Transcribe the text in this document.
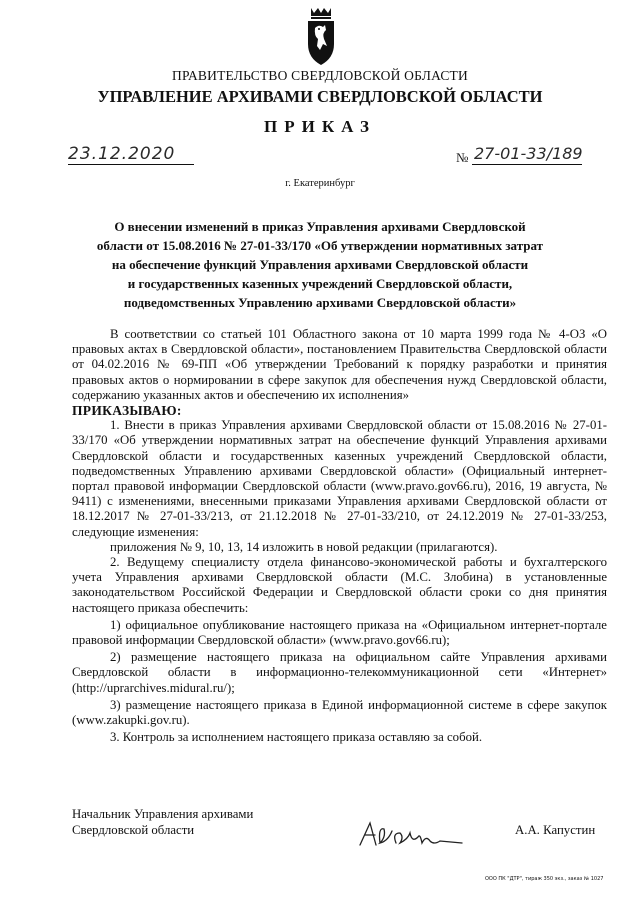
ПРАВИТЕЛЬСТВО СВЕРДЛОВСКОЙ ОБЛАСТИ
УПРАВЛЕНИЕ АРХИВАМИ СВЕРДЛОВСКОЙ ОБЛАСТИ
ПРИКАЗ
23.12.2020	№ 27-01-33/189
г. Екатеринбург
О внесении изменений в приказ Управления архивами Свердловской
области от 15.08.2016 № 27-01-33/170 «Об утверждении нормативных затрат
на обеспечение функций Управления архивами Свердловской области
и государственных казенных учреждений Свердловской области,
подведомственных Управлению архивами Свердловской области»

В соответствии со статьей 101 Областного закона от 10 марта 1999 года № 4-ОЗ «О правовых актах в Свердловской области», постановлением Правительства Свердловской области от 04.02.2016 № 69-ПП «Об утверждении Требований к порядку разработки и принятия правовых актов о нормировании в сфере закупок для обеспечения нужд Свердловской области, содержанию указанных актов и обеспечению их исполнения»

ПРИКАЗЫВАЮ:

1. Внести в приказ Управления архивами Свердловской области от 15.08.2016 № 27-01-33/170 «Об утверждении нормативных затрат на обеспечение функций Управления архивами Свердловской области и государственных казенных учреждений Свердловской области, подведомственных Управлению архивами Свердловской области» (Официальный интернет-портал правовой информации Свердловской области (www.pravo.gov66.ru), 2016, 19 августа, № 9411) с изменениями, внесенными приказами Управления архивами Свердловской области от 18.12.2017 № 27-01-33/213, от 21.12.2018 № 27-01-33/210, от 24.12.2019 № 27-01-33/253, следующие изменения:

приложения № 9, 10, 13, 14 изложить в новой редакции (прилагаются).

2. Ведущему специалисту отдела финансово-экономической работы и бухгалтерского учета Управления архивами Свердловской области (М.С. Злобина) в установленные законодательством Российской Федерации и Свердловской области сроки со дня принятия настоящего приказа обеспечить:

1) официальное опубликование настоящего приказа на «Официальном интернет-портале правовой информации Свердловской области» (www.pravo.gov66.ru);

2) размещение настоящего приказа на официальном сайте Управления архивами Свердловской области в информационно-телекоммуникационной сети «Интернет» (http://uprarchives.midural.ru/);

3) размещение настоящего приказа в Единой информационной системе в сфере закупок (www.zakupki.gov.ru).

3. Контроль за исполнением настоящего приказа оставляю за собой.

Начальник Управления архивами
Свердловской области	А.А. Капустин
ООО ПК "ДТР", тираж 350 экз., заказ № 1027
